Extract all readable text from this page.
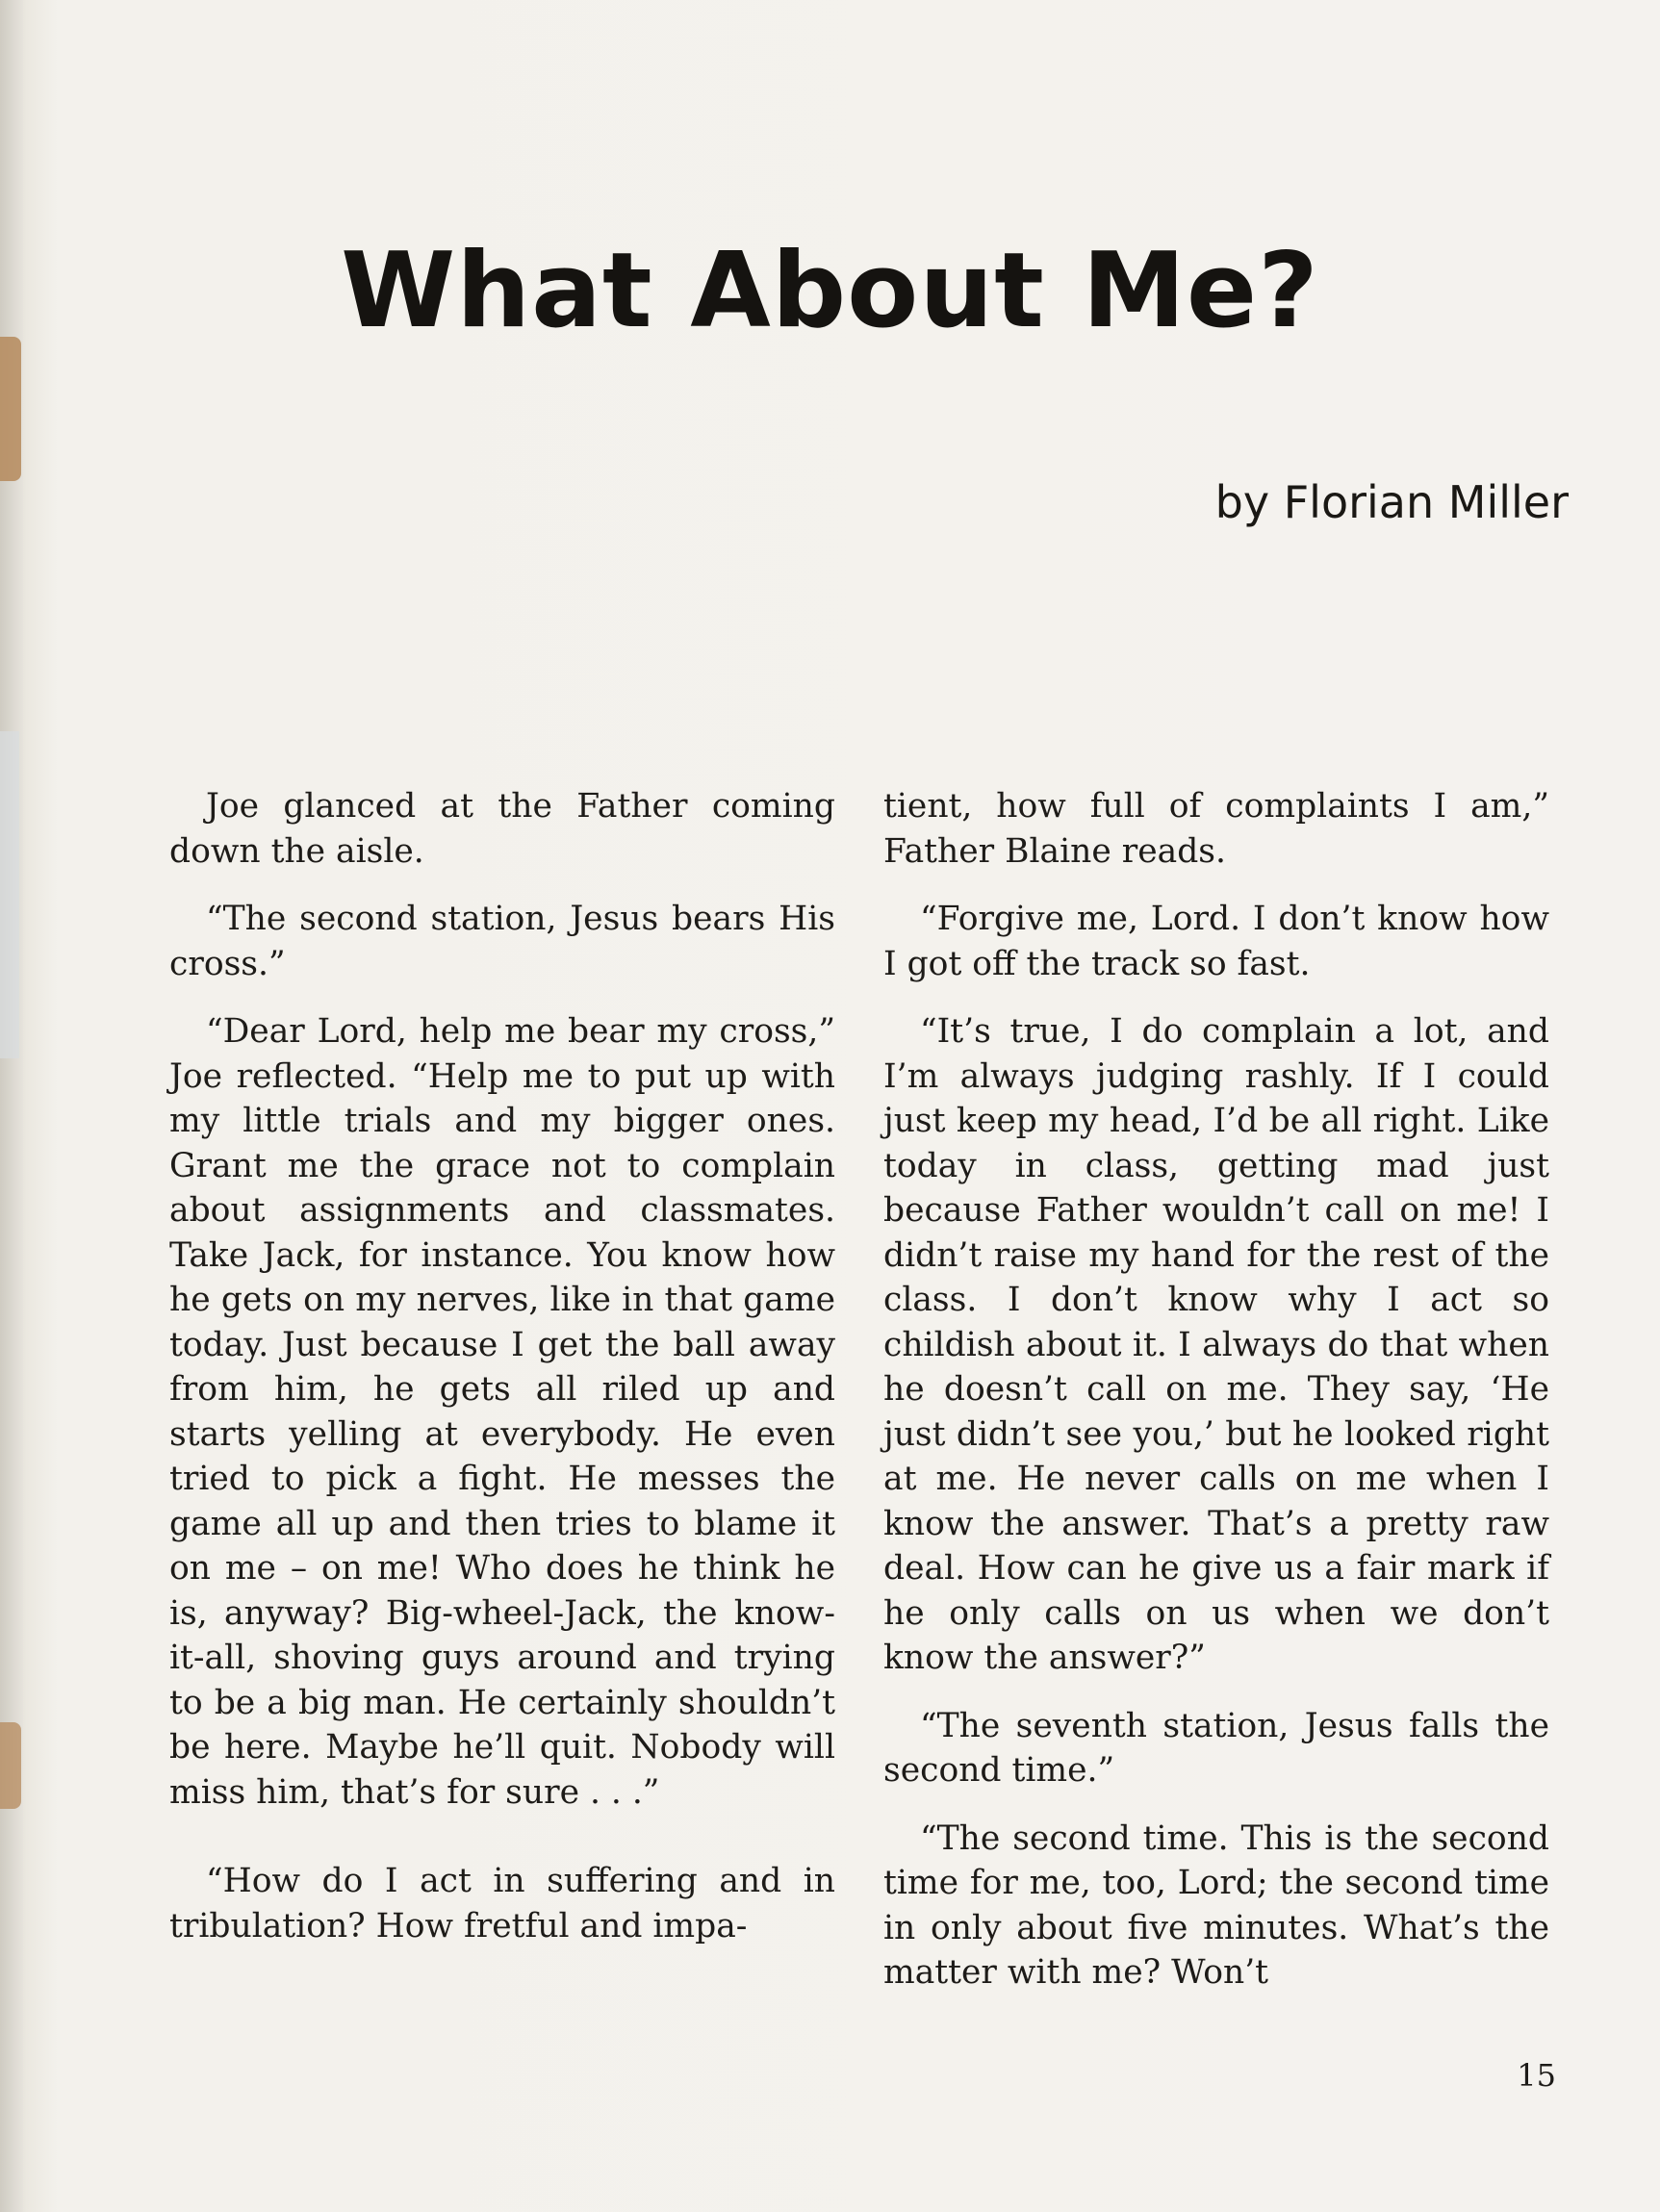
What About Me?

by Florian Miller

Joe glanced at the Father coming down the aisle.

“The second station, Jesus bears His cross.”

“Dear Lord, help me bear my cross,” Joe reflected. “Help me to put up with my little trials and my bigger ones. Grant me the grace not to complain about assignments and classmates. Take Jack, for instance. You know how he gets on my nerves, like in that game today. Just because I get the ball away from him, he gets all riled up and starts yelling at everybody. He even tried to pick a fight. He messes the game all up and then tries to blame it on me – on me! Who does he think he is, anyway? Big-wheel-Jack, the know-it-all, shoving guys around and trying to be a big man. He certainly shouldn’t be here. Maybe he’ll quit. Nobody will miss him, that’s for sure . . .”

“How do I act in suffering and in tribulation? How fretful and impa-

tient, how full of complaints I am,” Father Blaine reads.

“Forgive me, Lord. I don’t know how I got off the track so fast.

“It’s true, I do complain a lot, and I’m always judging rashly. If I could just keep my head, I’d be all right. Like today in class, getting mad just because Father wouldn’t call on me! I didn’t raise my hand for the rest of the class. I don’t know why I act so childish about it. I always do that when he doesn’t call on me. They say, ‘He just didn’t see you,’ but he looked right at me. He never calls on me when I know the answer. That’s a pretty raw deal. How can he give us a fair mark if he only calls on us when we don’t know the answer?”

“The seventh station, Jesus falls the second time.”

“The second time. This is the second time for me, too, Lord; the second time in only about five minutes. What’s the matter with me? Won’t

15
